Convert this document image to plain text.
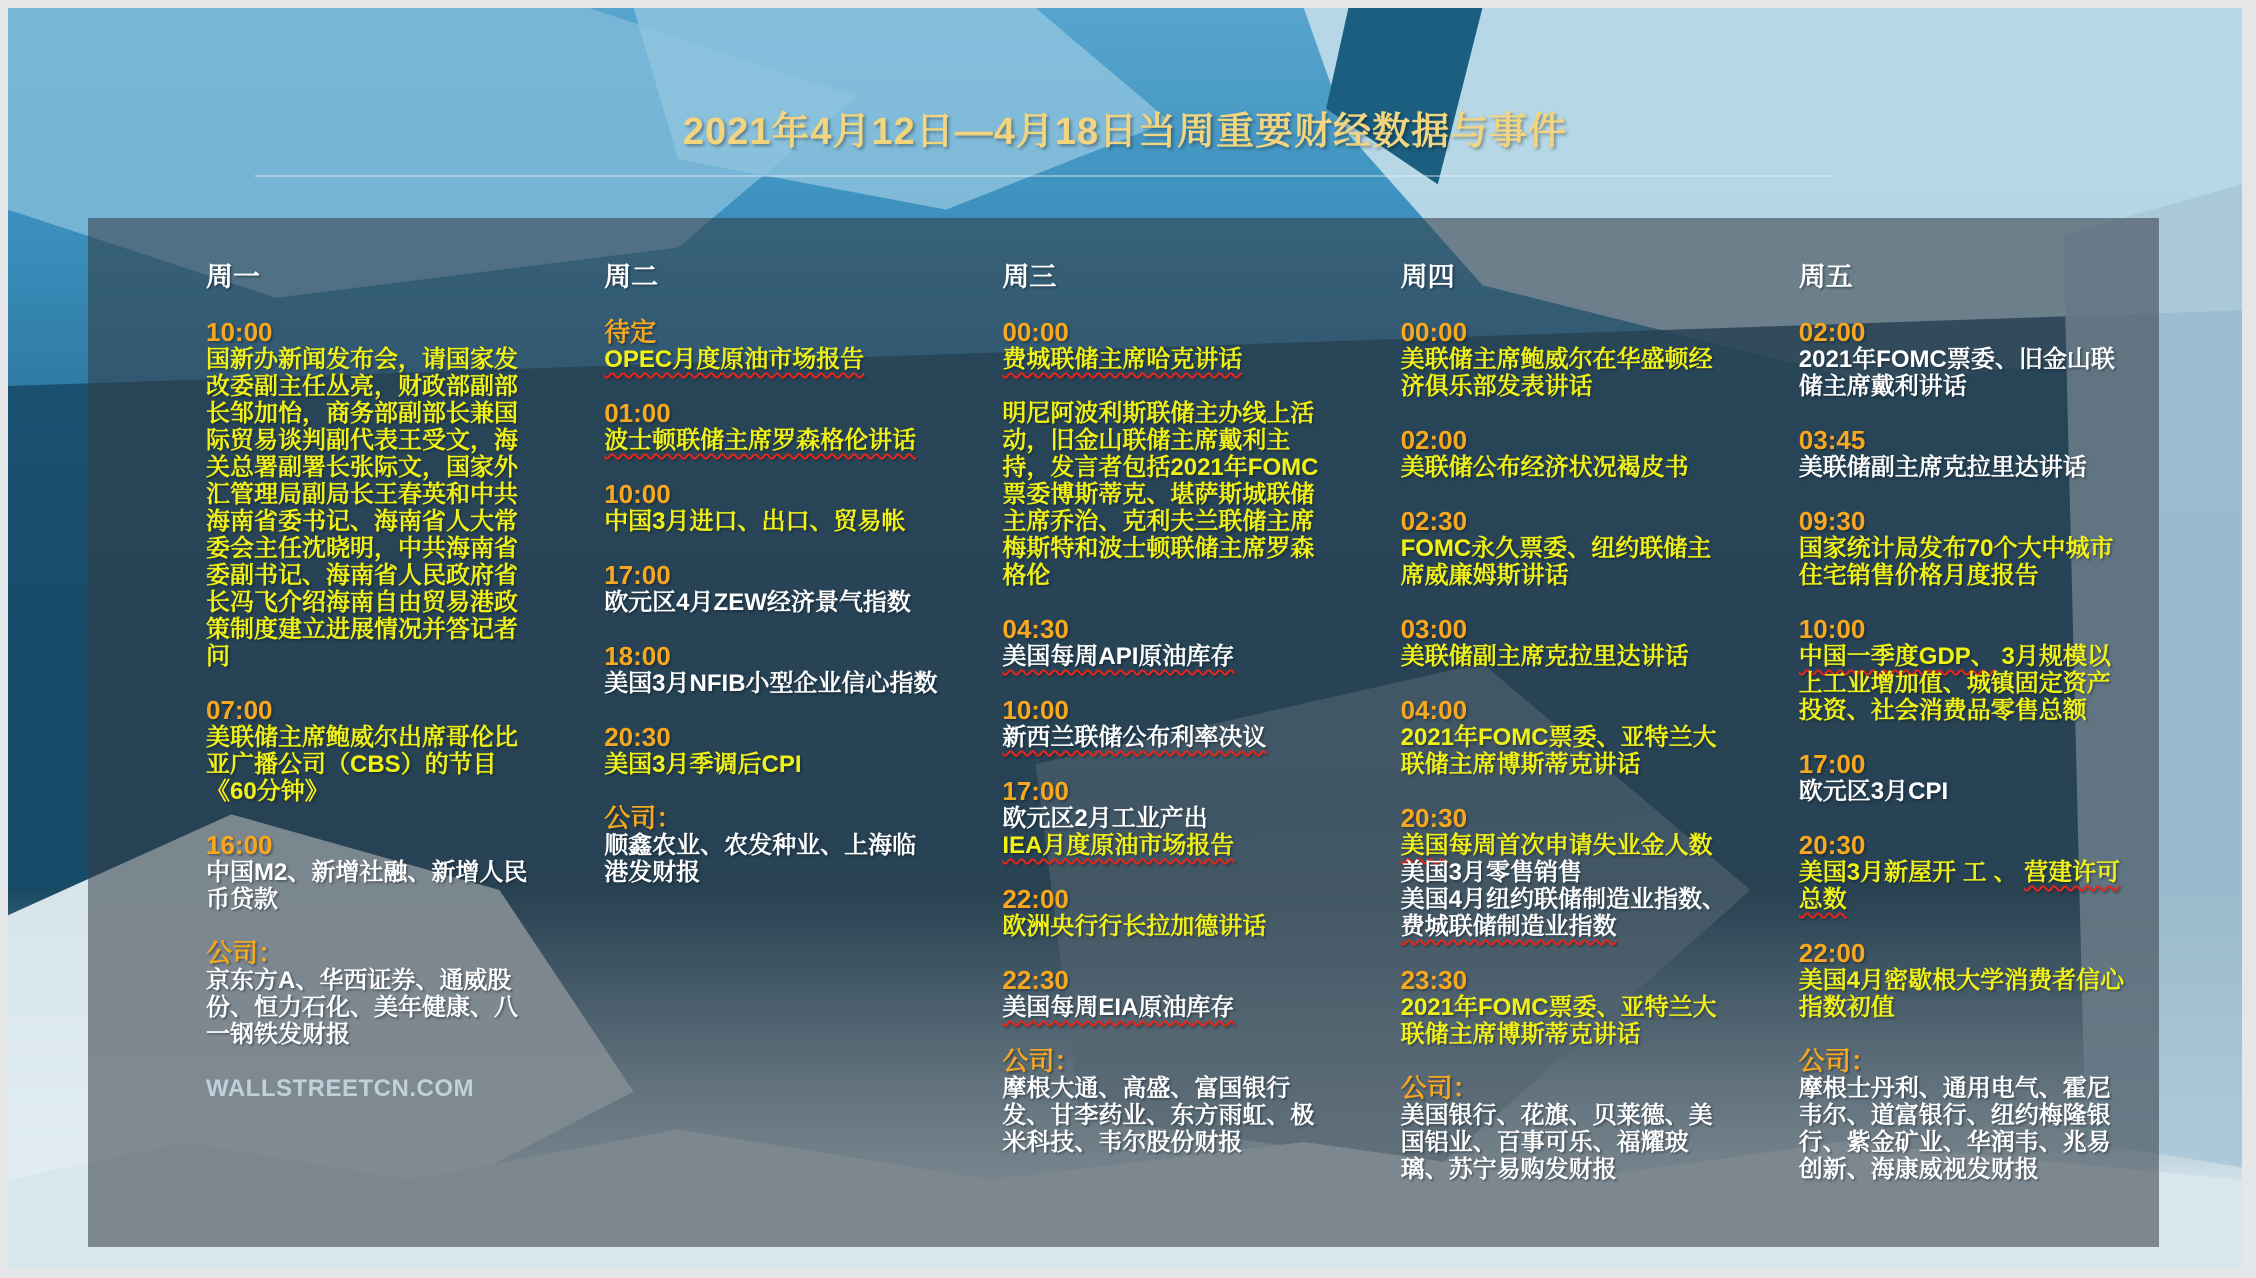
2021年4月12日—4月18日当周重要财经数据与事件
周一
10:00

国新办新闻发布会，请国家发改委副主任丛亮，财政部副部长邹加怡，商务部副部长兼国际贸易谈判副代表王受文，海关总署副署长张际文，国家外汇管理局副局长王春英和中共海南省委书记、海南省人大常委会主任沈晓明，中共海南省委副书记、海南省人民政府省长冯飞介绍海南自由贸易港政策制度建立进展情况并答记者问

07:00

美联储主席鲍威尔出席哥伦比亚广播公司（CBS）的节目《60分钟》

16:00

中国M2、新增社融、新增人民币贷款

公司：

京东方A、华西证券、通威股份、恒力石化、美年健康、八一钢铁发财报

WALLSTREETCN.COM
周二
待定

OPEC月度原油市场报告

01:00

波士顿联储主席罗森格伦讲话

10:00

中国3月进口、出口、贸易帐

17:00

欧元区4月ZEW经济景气指数

18:00

美国3月NFIB小型企业信心指数

20:30

美国3月季调后CPI

公司：

顺鑫农业、农发种业、上海临港发财报

周三
00:00

费城联储主席哈克讲话

明尼阿波利斯联储主办线上活动，旧金山联储主席戴利主持，发言者包括2021年FOMC票委博斯蒂克、堪萨斯城联储主席乔治、克利夫兰联储主席梅斯特和波士顿联储主席罗森格伦

04:30

美国每周API原油库存

10:00

新西兰联储公布利率决议

17:00

欧元区2月工业产出

IEA月度原油市场报告

22:00

欧洲央行行长拉加德讲话

22:30

美国每周EIA原油库存

公司：

摩根大通、高盛、富国银行发、甘李药业、东方雨虹、极米科技、韦尔股份财报

周四
00:00

美联储主席鲍威尔在华盛顿经济俱乐部发表讲话

02:00

美联储公布经济状况褐皮书

02:30

FOMC永久票委、纽约联储主席威廉姆斯讲话

03:00

美联储副主席克拉里达讲话

04:00

2021年FOMC票委、亚特兰大联储主席博斯蒂克讲话

20:30

美国每周首次申请失业金人数

美国3月零售销售

美国4月纽约联储制造业指数、费城联储制造业指数

23:30

2021年FOMC票委、亚特兰大联储主席博斯蒂克讲话

公司：

美国银行、花旗、贝莱德、美国铝业、百事可乐、福耀玻璃、苏宁易购发财报

周五
02:00

2021年FOMC票委、旧金山联储主席戴利讲话

03:45

美联储副主席克拉里达讲话

09:30

国家统计局发布70个大中城市住宅销售价格月度报告

10:00

中国一季度GDP、 3月规模以上工业增加值、城镇固定资产投资、社会消费品零售总额

17:00

欧元区3月CPI

20:30

美国3月新屋开 工 、 营建许可总数

22:00

美国4月密歇根大学消费者信心指数初值

公司：

摩根士丹利、通用电气、霍尼韦尔、道富银行、纽约梅隆银行、紫金矿业、华润韦、兆易创新、海康威视发财报
